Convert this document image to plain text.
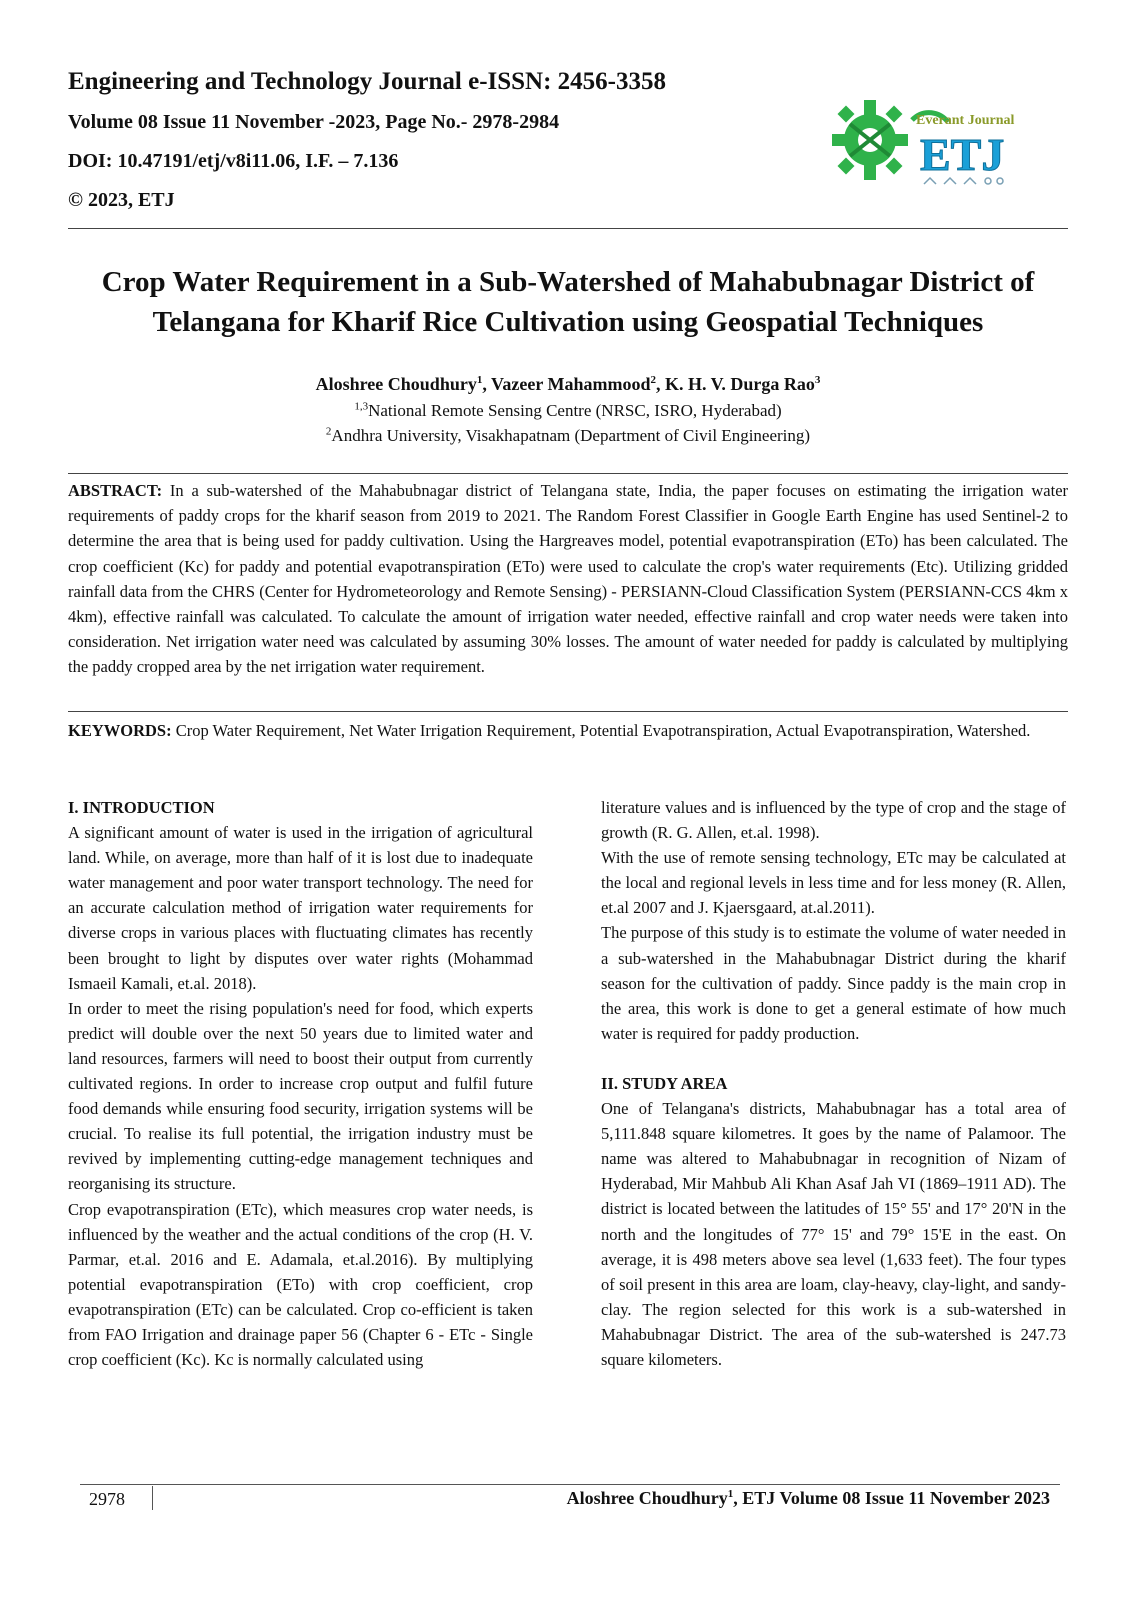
Engineering and Technology Journal e-ISSN: 2456-3358
Volume 08 Issue 11 November -2023, Page No.- 2978-2984
DOI: 10.47191/etj/v8i11.06, I.F. – 7.136
© 2023, ETJ
Everant Journal
ETJ
Crop Water Requirement in a Sub-Watershed of Mahabubnagar District of
Telangana for Kharif Rice Cultivation using Geospatial Techniques
Aloshree Choudhury$^1$, Vazeer Mahammood$^2$, K. H. V. Durga Rao$^3$
$^{1,3}$National Remote Sensing Centre (NRSC, ISRO, Hyderabad)
$^2$Andhra University, Visakhapatnam (Department of Civil Engineering)

ABSTRACT: In a sub-watershed of the Mahabubnagar district of Telangana state, India, the paper focuses on estimating the irrigation water requirements of paddy crops for the kharif season from 2019 to 2021. The Random Forest Classifier in Google Earth Engine has used Sentinel-2 to determine the area that is being used for paddy cultivation. Using the Hargreaves model, potential evapotranspiration (ETo) has been calculated. The crop coefficient (Kc) for paddy and potential evapotranspiration (ETo) were used to calculate the crop's water requirements (Etc). Utilizing gridded rainfall data from the CHRS (Center for Hydrometeorology and Remote Sensing) - PERSIANN-Cloud Classification System (PERSIANN-CCS 4km x 4km), effective rainfall was calculated. To calculate the amount of irrigation water needed, effective rainfall and crop water needs were taken into consideration. Net irrigation water need was calculated by assuming 30% losses. The amount of water needed for paddy is calculated by multiplying the paddy cropped area by the net irrigation water requirement.

KEYWORDS: Crop Water Requirement, Net Water Irrigation Requirement, Potential Evapotranspiration, Actual Evapotranspiration, Watershed.

I. INTRODUCTION

A significant amount of water is used in the irrigation of agricultural land. While, on average, more than half of it is lost due to inadequate water management and poor water transport technology. The need for an accurate calculation method of irrigation water requirements for diverse crops in various places with fluctuating climates has recently been brought to light by disputes over water rights (Mohammad Ismaeil Kamali, et.al. 2018).

In order to meet the rising population's need for food, which experts predict will double over the next 50 years due to limited water and land resources, farmers will need to boost their output from currently cultivated regions. In order to increase crop output and fulfil future food demands while ensuring food security, irrigation systems will be crucial. To realise its full potential, the irrigation industry must be revived by implementing cutting-edge management techniques and reorganising its structure.

Crop evapotranspiration (ETc), which measures crop water needs, is influenced by the weather and the actual conditions of the crop (H. V. Parmar, et.al. 2016 and E. Adamala, et.al.2016). By multiplying potential evapotranspiration (ETo) with crop coefficient, crop evapotranspiration (ETc) can be calculated. Crop co-efficient is taken from FAO Irrigation and drainage paper 56 (Chapter 6 - ETc - Single crop coefficient (Kc). Kc is normally calculated using

literature values and is influenced by the type of crop and the stage of growth (R. G. Allen, et.al. 1998).

With the use of remote sensing technology, ETc may be calculated at the local and regional levels in less time and for less money (R. Allen, et.al 2007 and J. Kjaersgaard, at.al.2011).

The purpose of this study is to estimate the volume of water needed in a sub-watershed in the Mahabubnagar District during the kharif season for the cultivation of paddy. Since paddy is the main crop in the area, this work is done to get a general estimate of how much water is required for paddy production.

II. STUDY AREA

One of Telangana's districts, Mahabubnagar has a total area of 5,111.848 square kilometres. It goes by the name of Palamoor. The name was altered to Mahabubnagar in recognition of Nizam of Hyderabad, Mir Mahbub Ali Khan Asaf Jah VI (1869–1911 AD). The district is located between the latitudes of 15° 55' and 17° 20'N in the north and the longitudes of 77° 15' and 79° 15'E in the east. On average, it is 498 meters above sea level (1,633 feet). The four types of soil present in this area are loam, clay-heavy, clay-light, and sandy-clay. The region selected for this work is a sub-watershed in Mahabubnagar District. The area of the sub-watershed is 247.73 square kilometers.

2978	Aloshree Choudhury$^1$, ETJ Volume 08 Issue 11 November 2023
